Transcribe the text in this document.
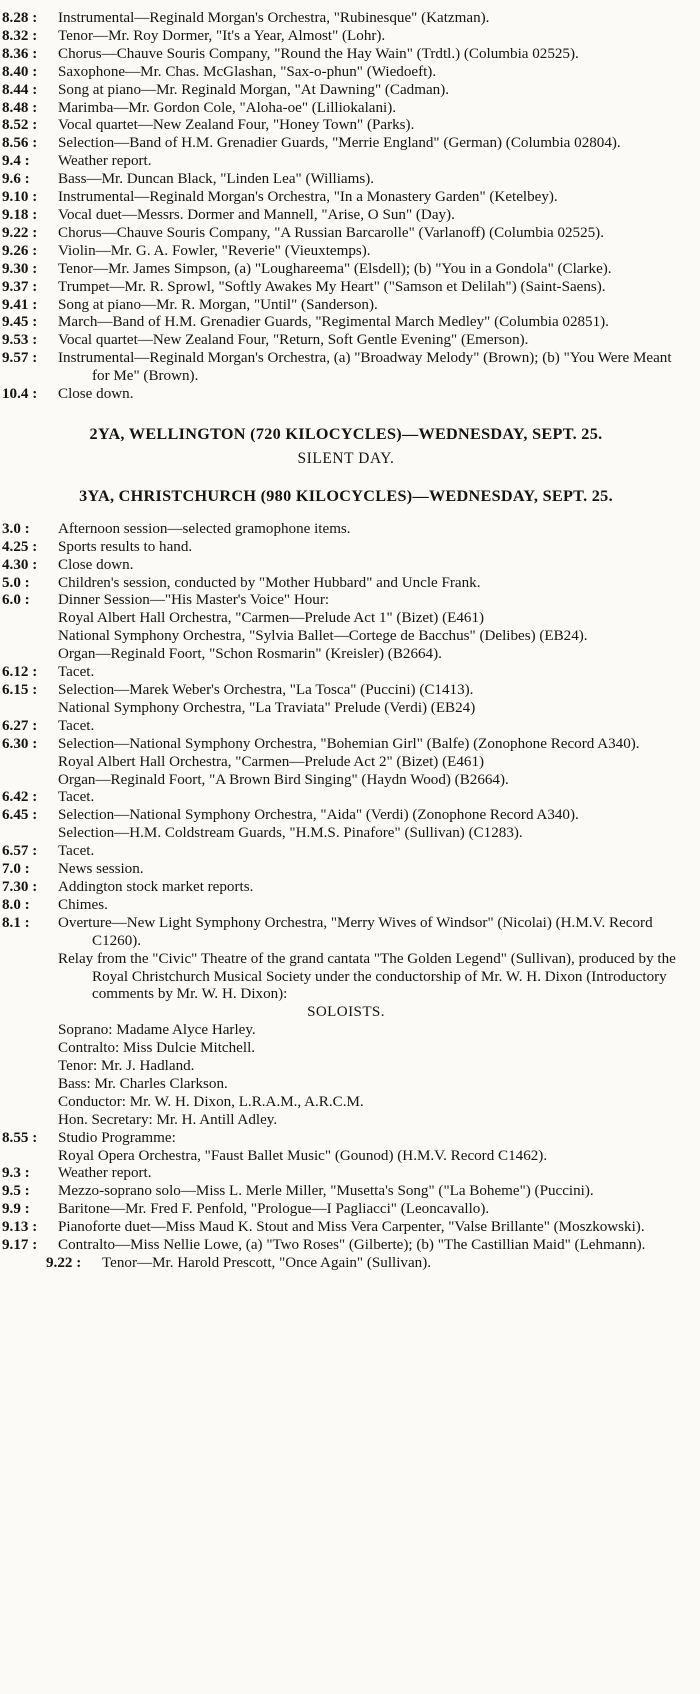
8.28 :	Instrumental—Reginald Morgan's Orchestra, "Rubinesque" (Katzman).
8.32 :	Tenor—Mr. Roy Dormer, "It's a Year, Almost" (Lohr).
8.36 :	Chorus—Chauve Souris Company, "Round the Hay Wain" (Trdtl.) (Columbia 02525).
8.40 :	Saxophone—Mr. Chas. McGlashan, "Sax-o-phun" (Wiedoeft).
8.44 :	Song at piano—Mr. Reginald Morgan, "At Dawning" (Cadman).
8.48 :	Marimba—Mr. Gordon Cole, "Aloha-oe" (Lilliokalani).
8.52 :	Vocal quartet—New Zealand Four, "Honey Town" (Parks).
8.56 :	Selection—Band of H.M. Grenadier Guards, "Merrie England" (German) (Columbia 02804).
9.4 :	Weather report.
9.6 :	Bass—Mr. Duncan Black, "Linden Lea" (Williams).
9.10 :	Instrumental—Reginald Morgan's Orchestra, "In a Monastery Garden" (Ketelbey).
9.18 :	Vocal duet—Messrs. Dormer and Mannell, "Arise, O Sun" (Day).
9.22 :	Chorus—Chauve Souris Company, "A Russian Barcarolle" (Varlanoff) (Columbia 02525).
9.26 :	Violin—Mr. G. A. Fowler, "Reverie" (Vieuxtemps).
9.30 :	Tenor—Mr. James Simpson, (a) "Loughareema" (Elsdell); (b) "You in a Gondola" (Clarke).
9.37 :	Trumpet—Mr. R. Sprowl, "Softly Awakes My Heart" ("Samson et Delilah") (Saint-Saens).
9.41 :	Song at piano—Mr. R. Morgan, "Until" (Sanderson).
9.45 :	March—Band of H.M. Grenadier Guards, "Regimental March Medley" (Columbia 02851).
9.53 :	Vocal quartet—New Zealand Four, "Return, Soft Gentle Evening" (Emerson).
9.57 :	Instrumental—Reginald Morgan's Orchestra, (a) "Broadway Melody" (Brown); (b) "You Were Meant for Me" (Brown).
10.4 :	Close down.

2YA, WELLINGTON (720 KILOCYCLES)—WEDNESDAY, SEPT. 25.

SILENT DAY.

3YA, CHRISTCHURCH (980 KILOCYCLES)—WEDNESDAY, SEPT. 25.

3.0 :	Afternoon session—selected gramophone items.
4.25 :	Sports results to hand.
4.30 :	Close down.
5.0 :	Children's session, conducted by "Mother Hubbard" and Uncle Frank.
6.0 :	Dinner Session—"His Master's Voice" Hour:
Royal Albert Hall Orchestra, "Carmen—Prelude Act 1" (Bizet) (E461)
National Symphony Orchestra, "Sylvia Ballet—Cortege de Bacchus" (Delibes) (EB24).
Organ—Reginald Foort, "Schon Rosmarin" (Kreisler) (B2664).
6.12 :	Tacet.
6.15 :	Selection—Marek Weber's Orchestra, "La Tosca" (Puccini) (C1413).
National Symphony Orchestra, "La Traviata" Prelude (Verdi) (EB24)
6.27 :	Tacet.
6.30 :	Selection—National Symphony Orchestra, "Bohemian Girl" (Balfe) (Zonophone Record A340).
Royal Albert Hall Orchestra, "Carmen—Prelude Act 2" (Bizet) (E461)
Organ—Reginald Foort, "A Brown Bird Singing" (Haydn Wood) (B2664).
6.42 :	Tacet.
6.45 :	Selection—National Symphony Orchestra, "Aida" (Verdi) (Zonophone Record A340).
Selection—H.M. Coldstream Guards, "H.M.S. Pinafore" (Sullivan) (C1283).
6.57 :	Tacet.
7.0 :	News session.
7.30 :	Addington stock market reports.
8.0 :	Chimes.
8.1 :	Overture—New Light Symphony Orchestra, "Merry Wives of Windsor" (Nicolai) (H.M.V. Record C1260).
Relay from the "Civic" Theatre of the grand cantata "The Golden Legend" (Sullivan), produced by the Royal Christchurch Musical Society under the conductorship of Mr. W. H. Dixon (Introductory comments by Mr. W. H. Dixon):
SOLOISTS.
Soprano: Madame Alyce Harley.
Contralto: Miss Dulcie Mitchell.
Tenor: Mr. J. Hadland.
Bass: Mr. Charles Clarkson.
Conductor: Mr. W. H. Dixon, L.R.A.M., A.R.C.M.
Hon. Secretary: Mr. H. Antill Adley.
8.55 :	Studio Programme:
Royal Opera Orchestra, "Faust Ballet Music" (Gounod) (H.M.V. Record C1462).
9.3 :	Weather report.
9.5 :	Mezzo-soprano solo—Miss L. Merle Miller, "Musetta's Song" ("La Boheme") (Puccini).
9.9 :	Baritone—Mr. Fred F. Penfold, "Prologue—I Pagliacci" (Leoncavallo).
9.13 :	Pianoforte duet—Miss Maud K. Stout and Miss Vera Carpenter, "Valse Brillante" (Moszkowski).
9.17 :	Contralto—Miss Nellie Lowe, (a) "Two Roses" (Gilberte); (b) "The Castillian Maid" (Lehmann).
9.22 :	Tenor—Mr. Harold Prescott, "Once Again" (Sullivan).
